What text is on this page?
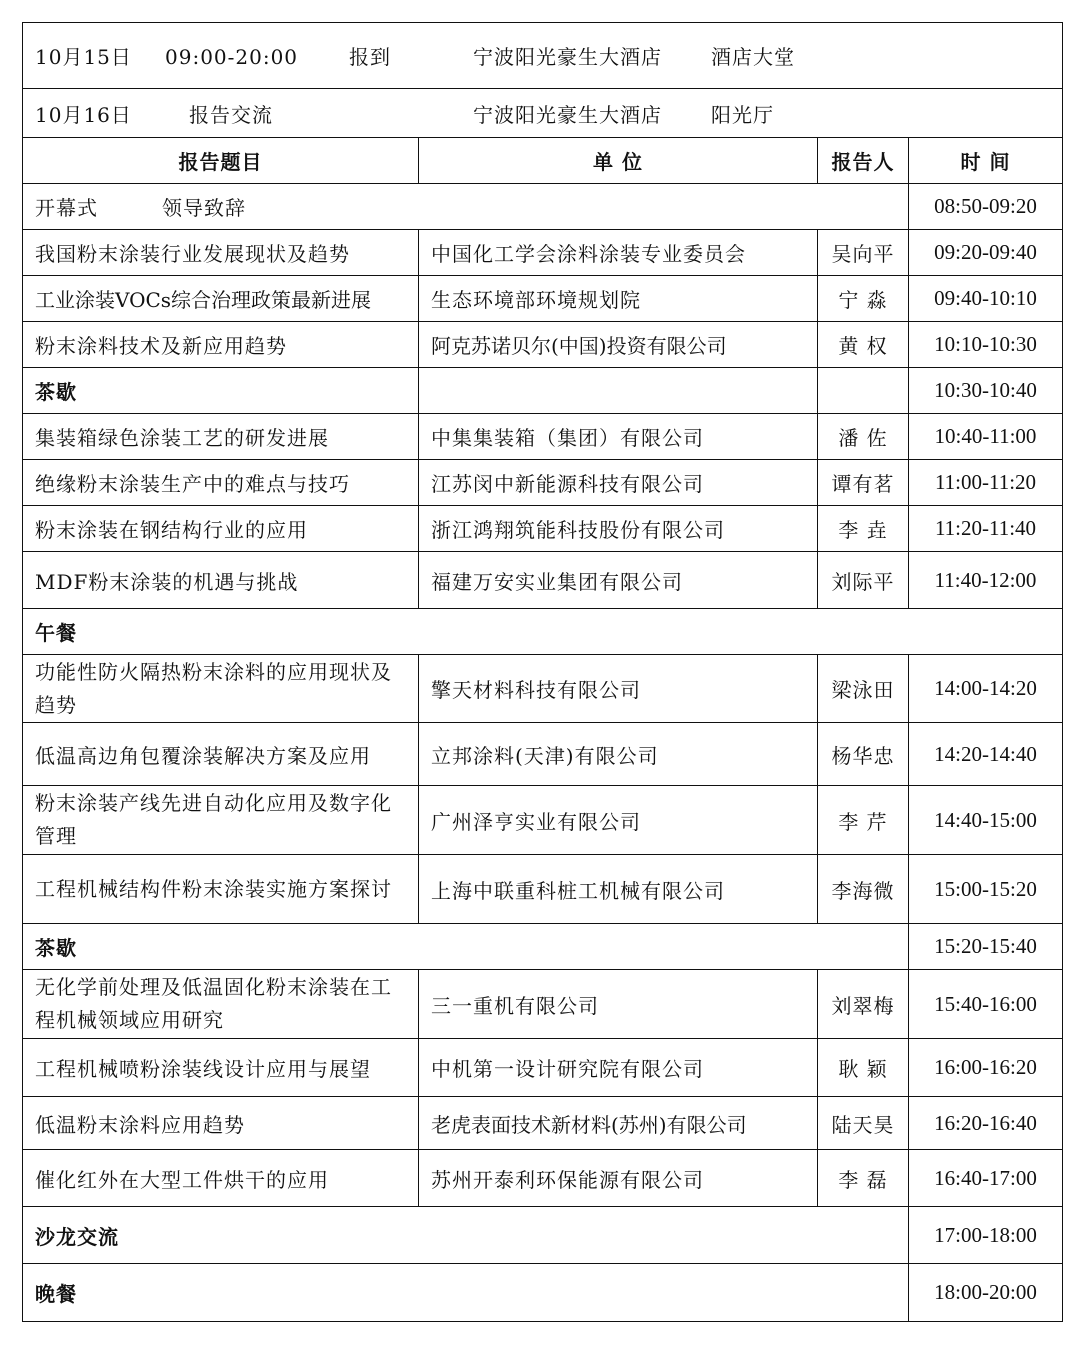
10月15日 09:00-20:00 报到 宁波阳光豪生大酒店 酒店大堂			
10月16日 报告交流 宁波阳光豪生大酒店 阳光厅			
报告题目	单 位	报告人	时 间
开幕式 领导致辞			08:50-09:20
我国粉末涂装行业发展现状及趋势	中国化工学会涂料涂装专业委员会	吴向平	09:20-09:40
工业涂装VOCs综合治理政策最新进展	生态环境部环境规划院	宁 淼	09:40-10:10
粉末涂料技术及新应用趋势	阿克苏诺贝尔(中国)投资有限公司	黄 权	10:10-10:30
茶歇			10:30-10:40
集装箱绿色涂装工艺的研发进展	中集集装箱（集团）有限公司	潘 佐	10:40-11:00
绝缘粉末涂装生产中的难点与技巧	江苏闵中新能源科技有限公司	谭有茗	11:00-11:20
粉末涂装在钢结构行业的应用	浙江鸿翔筑能科技股份有限公司	李 垚	11:20-11:40
MDF粉末涂装的机遇与挑战	福建万安实业集团有限公司	刘际平	11:40-12:00
午餐			
功能性防火隔热粉末涂料的应用现状及趋势	擎天材料科技有限公司	梁泳田	14:00-14:20
低温高边角包覆涂装解决方案及应用	立邦涂料(天津)有限公司	杨华忠	14:20-14:40
粉末涂装产线先进自动化应用及数字化管理	广州泽亨实业有限公司	李 芹	14:40-15:00
工程机械结构件粉末涂装实施方案探讨	上海中联重科桩工机械有限公司	李海微	15:00-15:20
茶歇			15:20-15:40
无化学前处理及低温固化粉末涂装在工程机械领域应用研究	三一重机有限公司	刘翠梅	15:40-16:00
工程机械喷粉涂装线设计应用与展望	中机第一设计研究院有限公司	耿 颖	16:00-16:20
低温粉末涂料应用趋势	老虎表面技术新材料(苏州)有限公司	陆天昊	16:20-16:40
催化红外在大型工件烘干的应用	苏州开泰利环保能源有限公司	李 磊	16:40-17:00
沙龙交流			17:00-18:00
晚餐			18:00-20:00
